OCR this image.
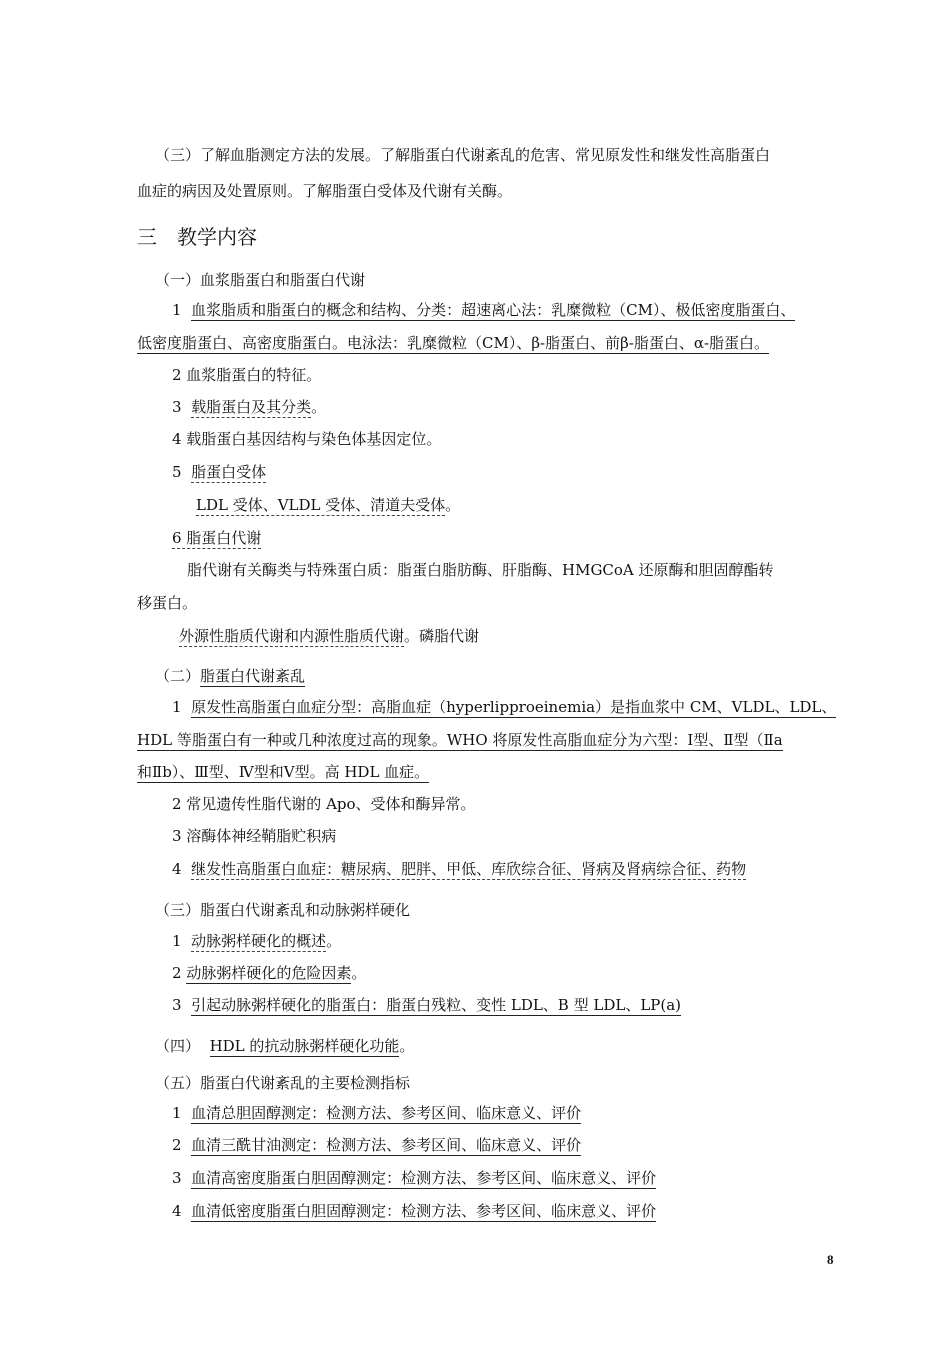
（三）了解血脂测定方法的发展。了解脂蛋白代谢紊乱的危害、常见原发性和继发性高脂蛋白
血症的病因及处置原则。了解脂蛋白受体及代谢有关酶。
三　教学内容
（一）血浆脂蛋白和脂蛋白代谢
1 血浆脂质和脂蛋白的概念和结构、分类：超速离心法：乳糜微粒（CM）、极低密度脂蛋白、
低密度脂蛋白、高密度脂蛋白。电泳法：乳糜微粒（CM）、β-脂蛋白、前β-脂蛋白、α-脂蛋白。
2 血浆脂蛋白的特征。
3 载脂蛋白及其分类。
4 载脂蛋白基因结构与染色体基因定位。
5 脂蛋白受体
LDL 受体、VLDL 受体、清道夫受体。
6 脂蛋白代谢
脂代谢有关酶类与特殊蛋白质：脂蛋白脂肪酶、肝脂酶、HMGCoA 还原酶和胆固醇酯转
移蛋白。
外源性脂质代谢和内源性脂质代谢。磷脂代谢
（二）脂蛋白代谢紊乱
1 原发性高脂蛋白血症分型：高脂血症（hyperlipproeinemia）是指血浆中 CM、VLDL、LDL、
HDL 等脂蛋白有一种或几种浓度过高的现象。WHO 将原发性高脂血症分为六型：Ⅰ型、Ⅱ型（Ⅱa
和Ⅱb）、Ⅲ型、Ⅳ型和Ⅴ型。高 HDL 血症。
2 常见遗传性脂代谢的 Apo、受体和酶异常。
3 溶酶体神经鞘脂贮积病
4 继发性高脂蛋白血症：糖尿病、肥胖、甲低、库欣综合征、肾病及肾病综合征、药物
（三）脂蛋白代谢紊乱和动脉粥样硬化
1 动脉粥样硬化的概述。
2 动脉粥样硬化的危险因素。
3 引起动脉粥样硬化的脂蛋白：脂蛋白残粒、变性 LDL、B 型 LDL、LP(a)
（四） HDL 的抗动脉粥样硬化功能。
（五）脂蛋白代谢紊乱的主要检测指标
1 血清总胆固醇测定：检测方法、参考区间、临床意义、评价
2 血清三酰甘油测定：检测方法、参考区间、临床意义、评价
3 血清高密度脂蛋白胆固醇测定：检测方法、参考区间、临床意义、评价
4 血清低密度脂蛋白胆固醇测定：检测方法、参考区间、临床意义、评价
8
